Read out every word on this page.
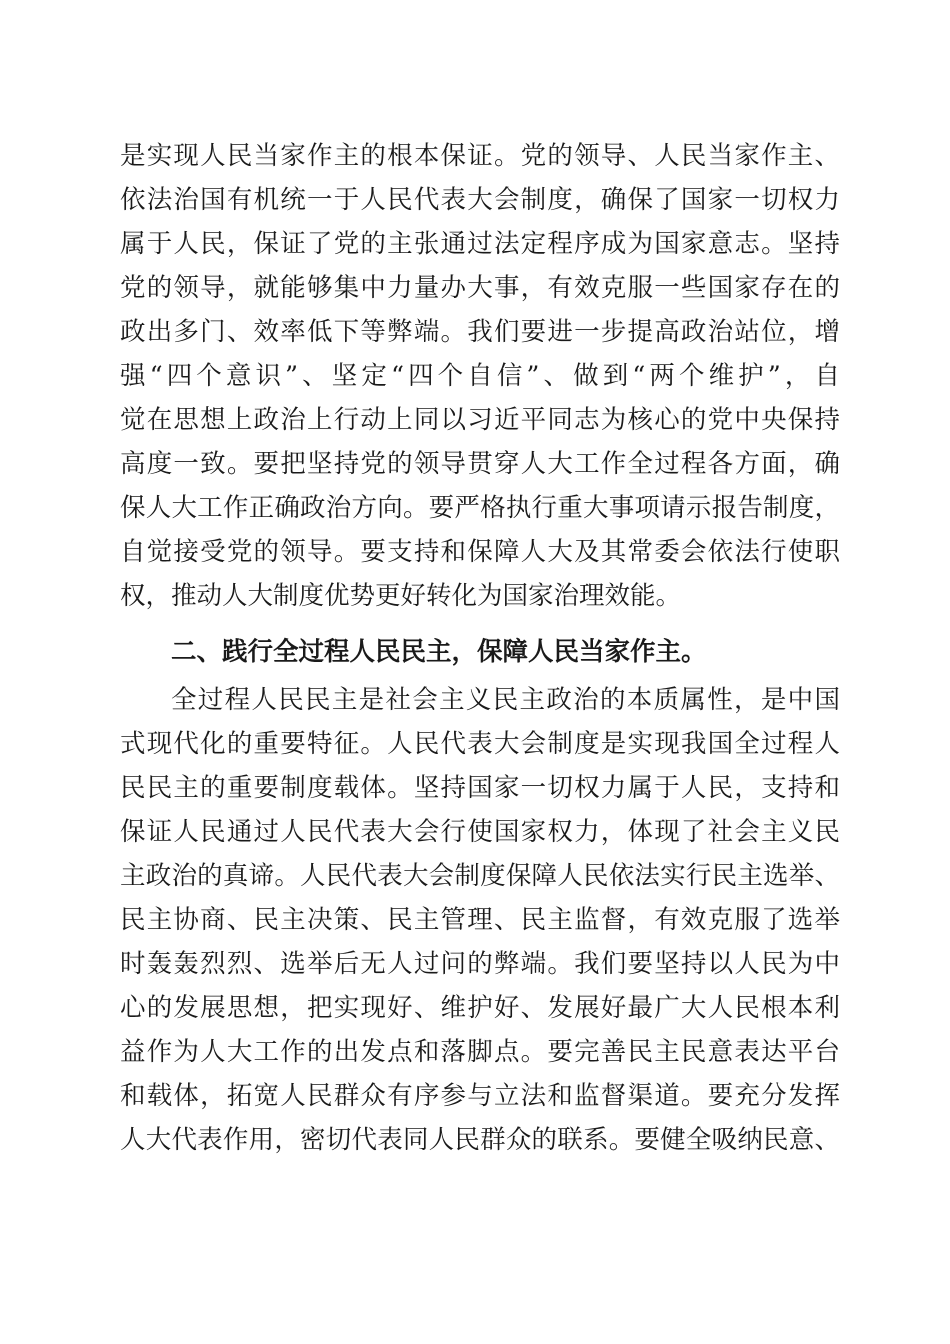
是实现人民当家作主的根本保证。党的领导、人民当家作主、
依法治国有机统一于人民代表大会制度，确保了国家一切权力
属于人民，保证了党的主张通过法定程序成为国家意志。坚持
党的领导，就能够集中力量办大事，有效克服一些国家存在的
政出多门、效率低下等弊端。我们要进一步提高政治站位，增
强“四个意识”、坚定“四个自信”、做到“两个维护”，自
觉在思想上政治上行动上同以习近平同志为核心的党中央保持
高度一致。要把坚持党的领导贯穿人大工作全过程各方面，确
保人大工作正确政治方向。要严格执行重大事项请示报告制度，
自觉接受党的领导。要支持和保障人大及其常委会依法行使职
权，推动人大制度优势更好转化为国家治理效能。
二、践行全过程人民民主，保障人民当家作主。
全过程人民民主是社会主义民主政治的本质属性，是中国
式现代化的重要特征。人民代表大会制度是实现我国全过程人
民民主的重要制度载体。坚持国家一切权力属于人民，支持和
保证人民通过人民代表大会行使国家权力，体现了社会主义民
主政治的真谛。人民代表大会制度保障人民依法实行民主选举、
民主协商、民主决策、民主管理、民主监督，有效克服了选举
时轰轰烈烈、选举后无人过问的弊端。我们要坚持以人民为中
心的发展思想，把实现好、维护好、发展好最广大人民根本利
益作为人大工作的出发点和落脚点。要完善民主民意表达平台
和载体，拓宽人民群众有序参与立法和监督渠道。要充分发挥
人大代表作用，密切代表同人民群众的联系。要健全吸纳民意、
